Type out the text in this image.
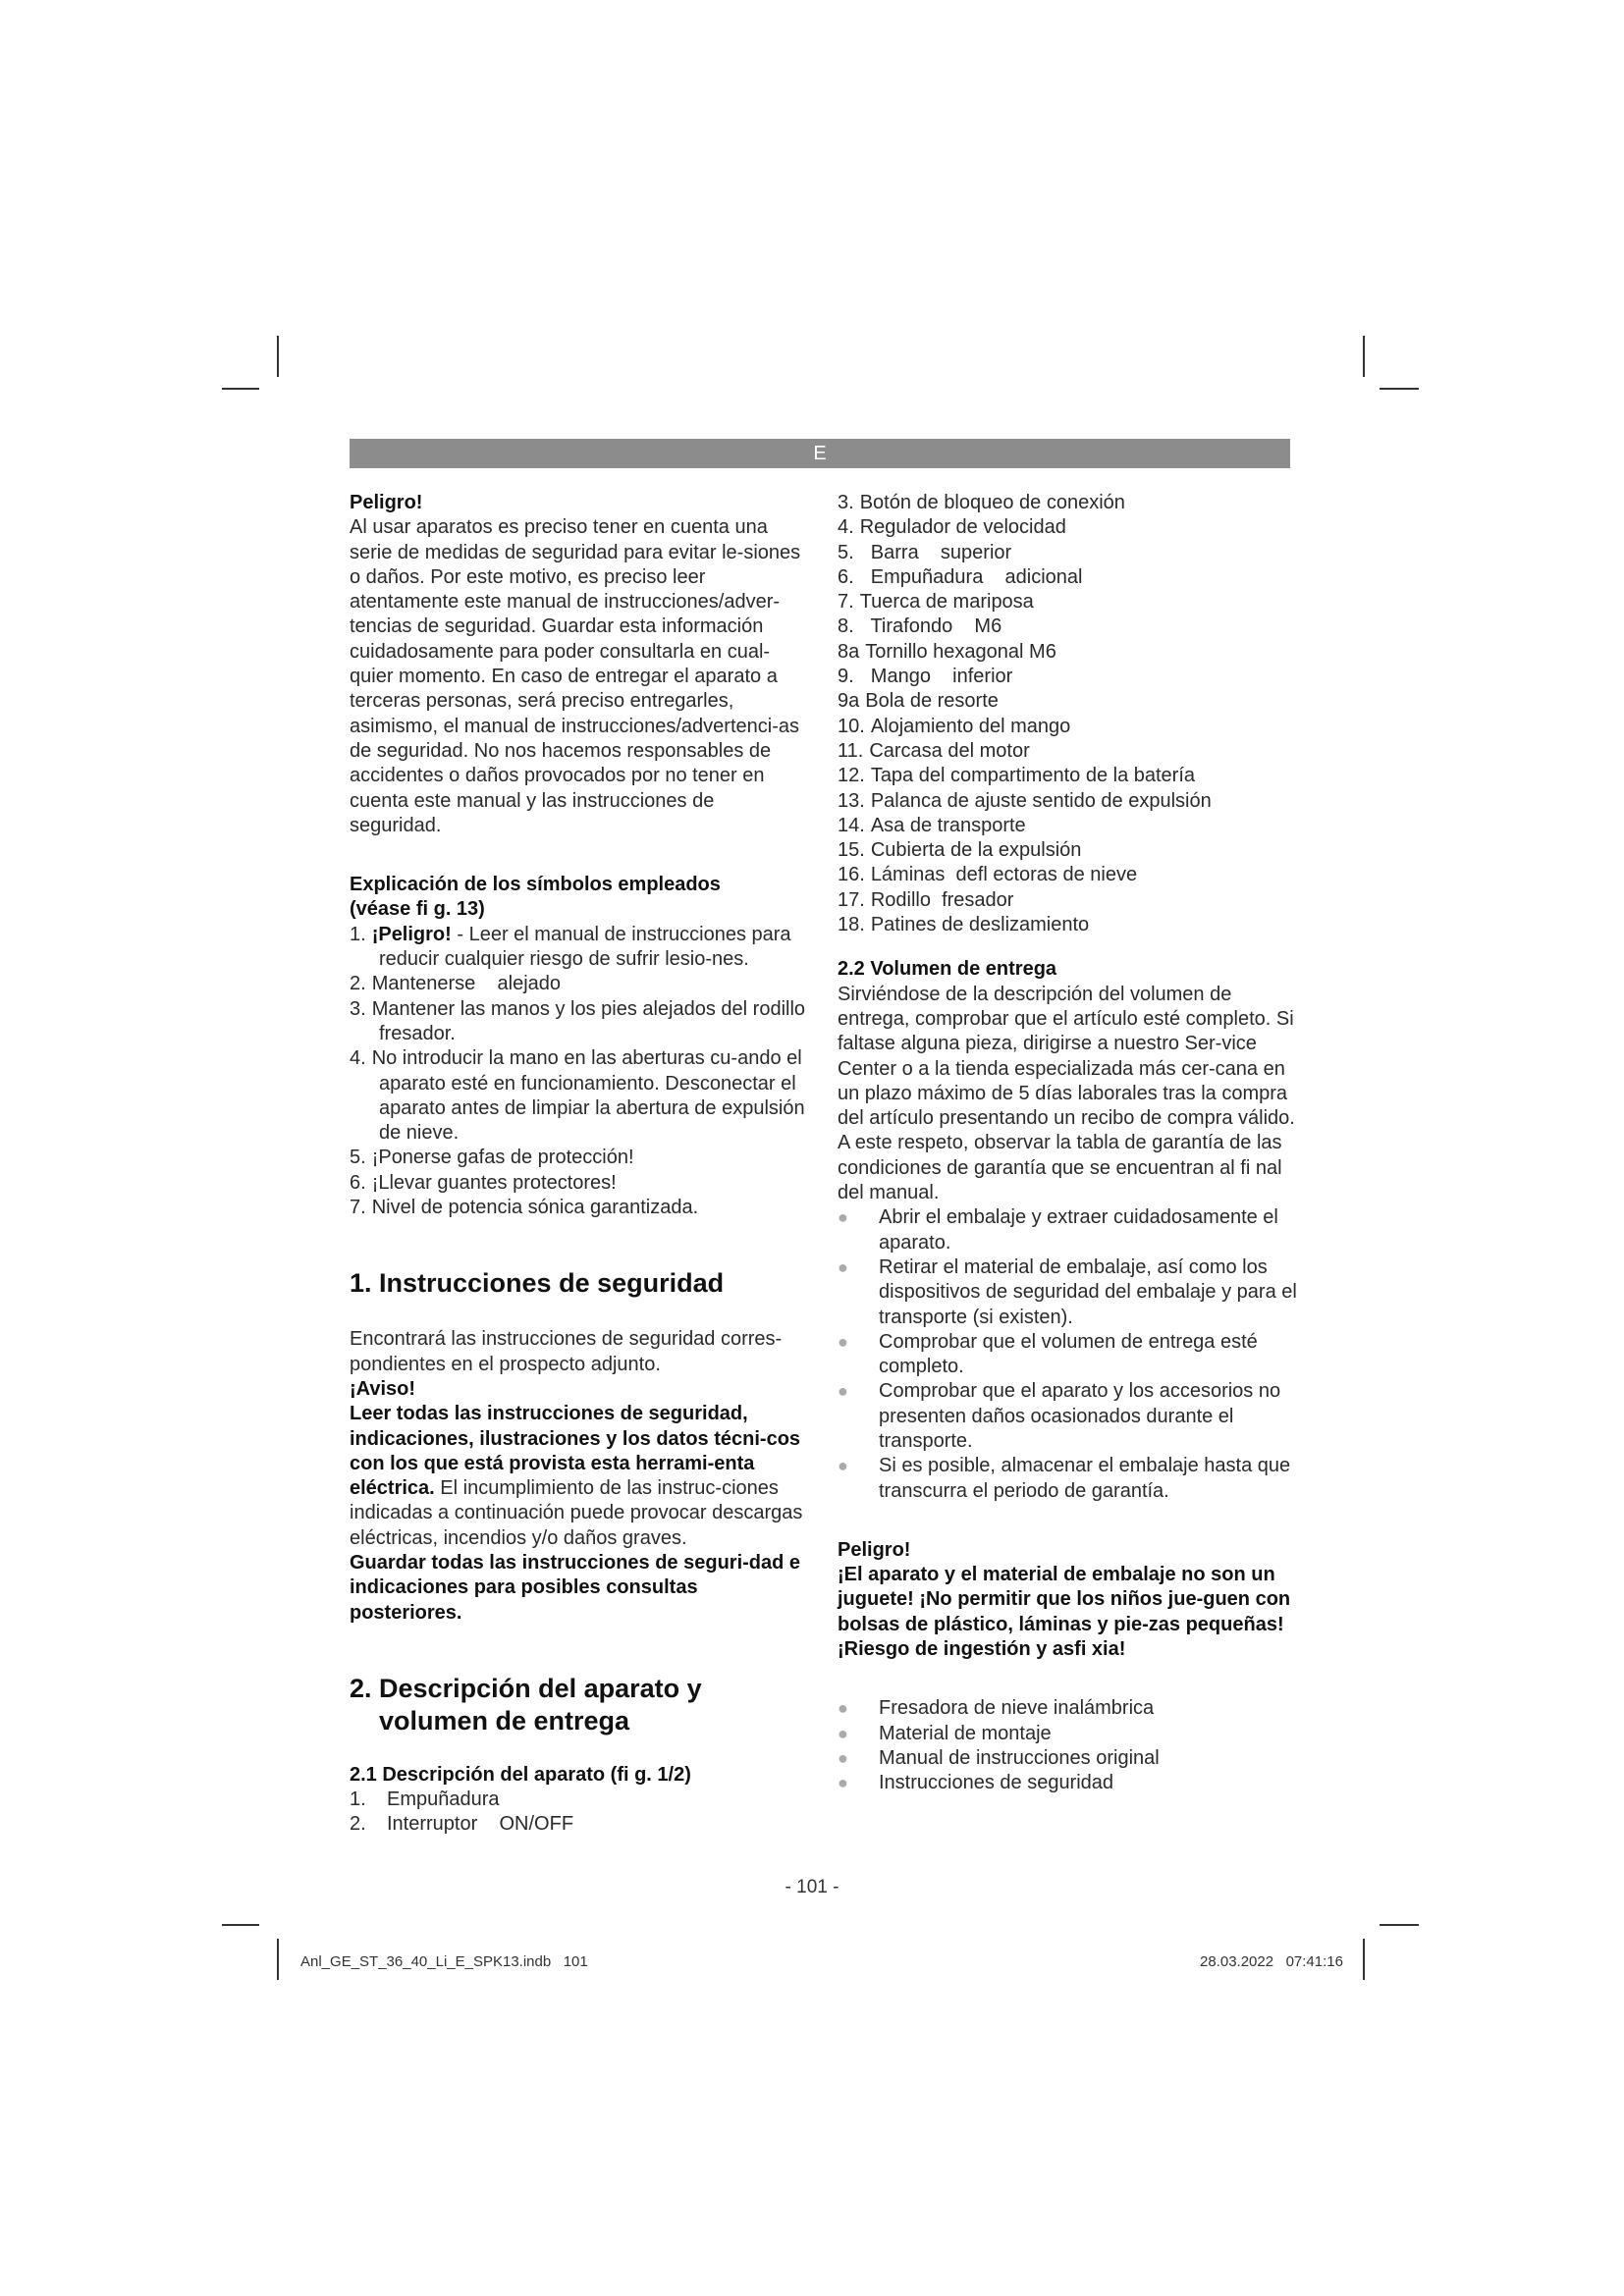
E

Peligro!

Al usar aparatos es preciso tener en cuenta una serie de medidas de seguridad para evitar le-siones o daños. Por este motivo, es preciso leer atentamente este manual de instrucciones/adver-tencias de seguridad. Guardar esta información cuidadosamente para poder consultarla en cual-quier momento. En caso de entregar el aparato a terceras personas, será preciso entregarles, asimismo, el manual de instrucciones/advertenci-as de seguridad. No nos hacemos responsables de accidentes o daños provocados por no tener en cuenta este manual y las instrucciones de seguridad.

Explicación de los símbolos empleados

(véase fi g. 13)

1. ¡Peligro! - Leer el manual de instrucciones para reducir cualquier riesgo de sufrir lesio-nes.
2. Mantenerse    alejado
3. Mantener las manos y los pies alejados del rodillo fresador.
4. No introducir la mano en las aberturas cu-ando el aparato esté en funcionamiento. Desconectar el aparato antes de limpiar la abertura de expulsión de nieve.
5. ¡Ponerse gafas de protección!
6. ¡Llevar guantes protectores!
7. Nivel de potencia sónica garantizada.

1. Instrucciones de seguridad

Encontrará las instrucciones de seguridad corres-pondientes en el prospecto adjunto.

¡Aviso!

Leer todas las instrucciones de seguridad, indicaciones, ilustraciones y los datos técni-cos con los que está provista esta herrami-enta eléctrica. El incumplimiento de las instruc-ciones indicadas a continuación puede provocar descargas eléctricas, incendios y/o daños graves.

Guardar todas las instrucciones de seguri-dad e indicaciones para posibles consultas posteriores.

2. Descripción del aparato y

volumen de entrega

2.1 Descripción del aparato (fi g. 1/2)

1. Empuñadura
2. Interruptor    ON/OFF
3. Botón de bloqueo de conexión
4. Regulador de velocidad
5.  Barra    superior
6.  Empuñadura    adicional
7. Tuerca de mariposa
8.  Tirafondo    M6
8a Tornillo hexagonal M6
9.  Mango    inferior
9a Bola de resorte
10. Alojamiento del mango
11. Carcasa del motor
12. Tapa del compartimento de la batería
13. Palanca de ajuste sentido de expulsión
14. Asa de transporte
15. Cubierta de la expulsión
16. Láminas  defl ectoras de nieve
17. Rodillo  fresador
18. Patines de deslizamiento

2.2 Volumen de entrega

Sirviéndose de la descripción del volumen de entrega, comprobar que el artículo esté completo. Si faltase alguna pieza, dirigirse a nuestro Ser-vice Center o a la tienda especializada más cer-cana en un plazo máximo de 5 días laborales tras la compra del artículo presentando un recibo de compra válido. A este respeto, observar la tabla de garantía de las condiciones de garantía que se encuentran al fi nal del manual.

● Abrir el embalaje y extraer cuidadosamente el aparato.
● Retirar el material de embalaje, así como los dispositivos de seguridad del embalaje y para el transporte (si existen).
● Comprobar que el volumen de entrega esté completo.
● Comprobar que el aparato y los accesorios no presenten daños ocasionados durante el transporte.
● Si es posible, almacenar el embalaje hasta que transcurra el periodo de garantía.

Peligro!

¡El aparato y el material de embalaje no son un juguete! ¡No permitir que los niños jue-guen con bolsas de plástico, láminas y pie-zas pequeñas! ¡Riesgo de ingestión y asfi xia!

● Fresadora de nieve inalámbrica
● Material de montaje
● Manual de instrucciones original
● Instrucciones de seguridad
- 101 -
Anl_GE_ST_36_40_Li_E_SPK13.indb   101	28.03.2022   07:41:16
